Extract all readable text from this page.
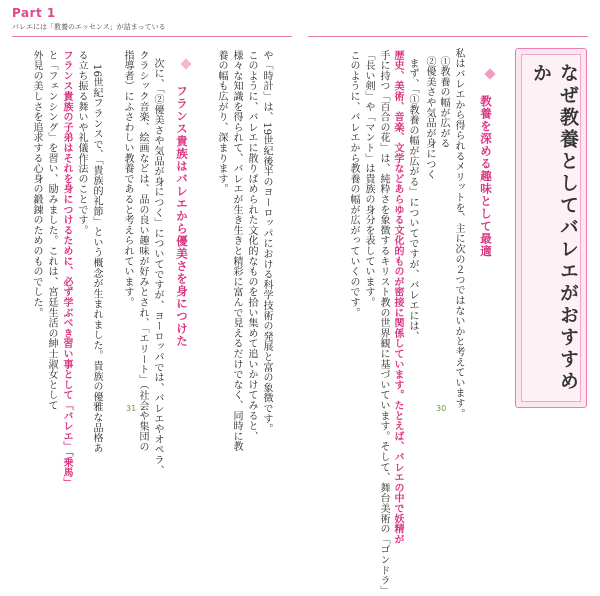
Part 1
バレエには「教養のエッセンス」が詰まっている
なぜ教養としてバレエがおすすめか
私はバレエから得られるメリットを、主に次の２つではないかと考えています。
①教養の幅が広がる
②優美さや気品が身につく	教養を深める趣味として最適
まず、「①教養の幅が広がる」についてですが、バレエには、
歴史、美術、音楽、文学などあらゆる文化的ものが密接に関係しています。たとえば、バレエの中で妖精が
手に持つ「百合の花」は、純粋さを象徴するキリスト教の世界観に基づいています。そして、舞台美術の「ゴンドラ」
「長い剣」や「マント」は貴族の身分を表しています。
このように、バレエから教養の幅が広がっていくのです。
や「時計」は、19世紀後半のヨーロッパにおける科学技術の発展と富の象徴です。
このように、バレエに散りばめられた文化的なものを拾い集めて追いかけてみると、
様々な知識を得られて、バレエが生き生きと精彩に富んで見えるだけでなく、同時に教
養の幅も広がり、深まります。
フランス貴族はバレエから優美さを身につけた
次に、「②優美さや気品が身につく」についてですが、ヨーロッパでは、バレエやオペラ、
クラシック音楽、絵画などは、品の良い趣味が好みとされ、「エリート」（社会や集団の
指導者）にふさわしい教養であると考えられています。
16世紀フランスで、「貴族的礼節」という概念が生まれました。貴族の優雅な品格あ
る立ち振る舞いや礼儀作法のことです。
フランス貴族の子弟はそれを身につけるために、必ず学ぶべき習い事として「バレエ」「乗馬」
と「フェンシング」を習い、励みました。これは、宮廷生活の紳士淑女として
外見の美しさを追求する心身の鍛錬のためのものでした。
31	30
